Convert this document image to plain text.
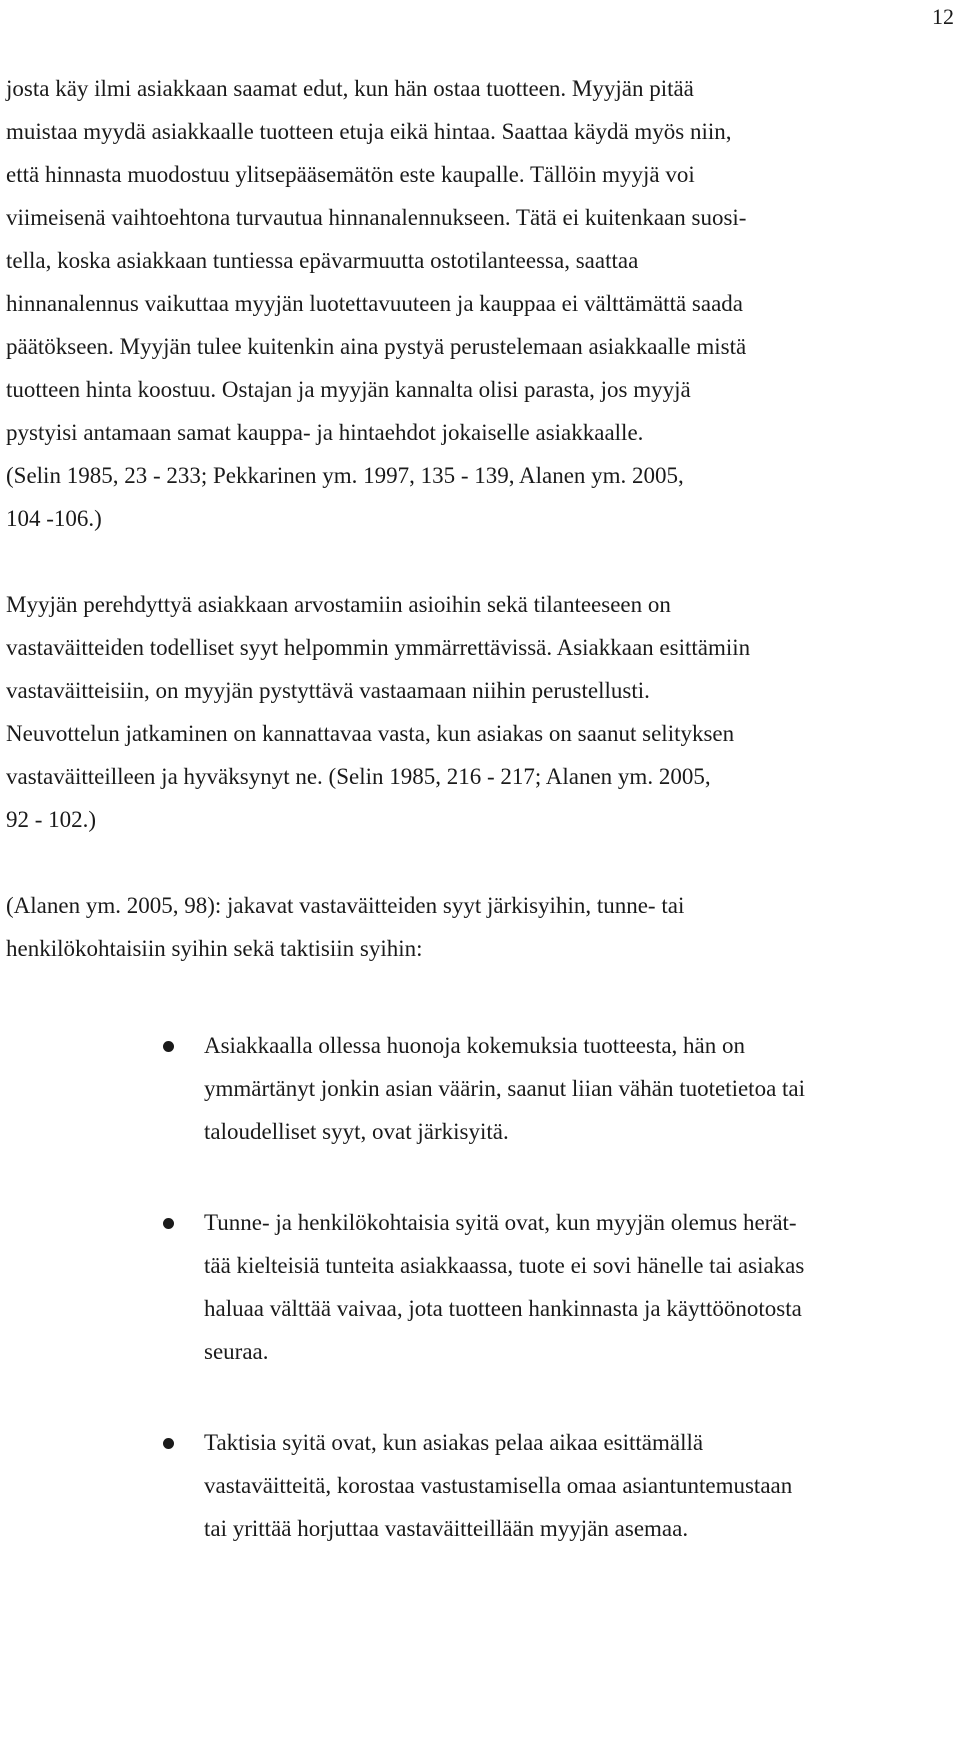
12
josta käy ilmi asiakkaan saamat edut, kun hän ostaa tuotteen. Myyjän pitää
muistaa myydä asiakkaalle tuotteen etuja eikä hintaa. Saattaa käydä myös niin,
että hinnasta muodostuu ylitsepääsemätön este kaupalle. Tällöin myyjä voi
viimeisenä vaihtoehtona turvautua hinnanalennukseen. Tätä ei kuitenkaan suosi-
tella, koska asiakkaan tuntiessa epävarmuutta ostotilanteessa, saattaa
hinnanalennus vaikuttaa myyjän luotettavuuteen ja kauppaa ei välttämättä saada
päätökseen. Myyjän tulee kuitenkin aina pystyä perustelemaan asiakkaalle mistä
tuotteen hinta koostuu. Ostajan ja myyjän kannalta olisi parasta, jos myyjä
pystyisi antamaan samat kauppa- ja hintaehdot jokaiselle asiakkaalle.
(Selin 1985, 23 - 233; Pekkarinen ym. 1997, 135 - 139, Alanen ym. 2005,
104 -106.)
Myyjän perehdyttyä asiakkaan arvostamiin asioihin sekä tilanteeseen on
vastaväitteiden todelliset syyt helpommin ymmärrettävissä. Asiakkaan esittämiin
vastaväitteisiin, on myyjän pystyttävä vastaamaan niihin perustellusti.
Neuvottelun jatkaminen on kannattavaa vasta, kun asiakas on saanut selityksen
vastaväitteilleen ja hyväksynyt ne. (Selin 1985, 216 - 217; Alanen ym. 2005,
92 - 102.)
(Alanen ym. 2005, 98): jakavat vastaväitteiden syyt järkisyihin, tunne- tai
henkilökohtaisiin syihin sekä taktisiin syihin:
Asiakkaalla ollessa huonoja kokemuksia tuotteesta, hän on
ymmärtänyt jonkin asian väärin, saanut liian vähän tuotetietoa tai
taloudelliset syyt, ovat järkisyitä.
Tunne- ja henkilökohtaisia syitä ovat, kun myyjän olemus herät-
tää kielteisiä tunteita asiakkaassa, tuote ei sovi hänelle tai asiakas
haluaa välttää vaivaa, jota tuotteen hankinnasta ja käyttöönotosta
seuraa.
Taktisia syitä ovat, kun asiakas pelaa aikaa esittämällä
vastaväitteitä, korostaa vastustamisella omaa asiantuntemustaan
tai yrittää horjuttaa vastaväitteillään myyjän asemaa.
